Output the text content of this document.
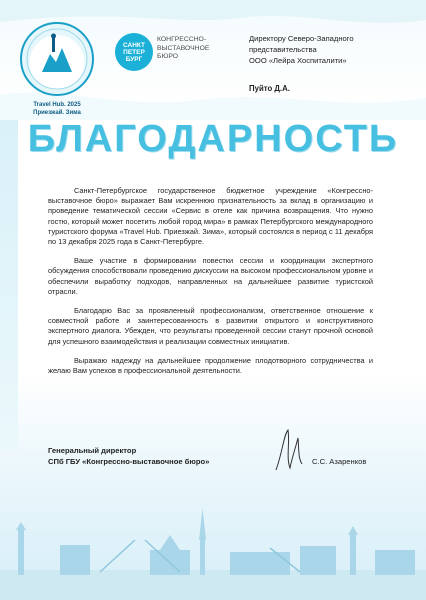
Travel Hub. 2025
Приезжай. Зима
САНКТ
ПЕТЕР
БУРГ
КОНГРЕССНО-
ВЫСТАВОЧНОЕ
БЮРО
Директору Северо-Западного
представительства
ООО «Лейра Хоспиталити»
Пуйто Д.А.
БЛАГОДАРНОСТЬ

Санкт-Петербургское государственное бюджетное учреждение «Конгрессно-выставочное бюро» выражает Вам искреннюю признательность за вклад в организацию и проведение тематической сессии «Сервис в отеле как причина возвращения. Что нужно гостю, который может посетить любой город мира» в рамках Петербургского международного туристского форума «Travel Hub. Приезжай. Зима», который состоялся в период с 11 декабря по 13 декабря 2025 года в Санкт-Петербурге.

Ваше участие в формировании повестки сессии и координации экспертного обсуждения способствовали проведению дискуссии на высоком профессиональном уровне и обеспечили выработку подходов, направленных на дальнейшее развитие туристской отрасли.

Благодарю Вас за проявленный профессионализм, ответственное отношение к совместной работе и заинтересованность в развитии открытого и конструктивного экспертного диалога. Убежден, что результаты проведенной сессии станут прочной основой для успешного взаимодействия и реализации совместных инициатив.

Выражаю надежду на дальнейшее продолжение плодотворного сотрудничества и желаю Вам успехов в профессиональной деятельности.

Генеральный директор
СПб ГБУ «Конгрессно-выставочное бюро»	С.С. Азаренков
